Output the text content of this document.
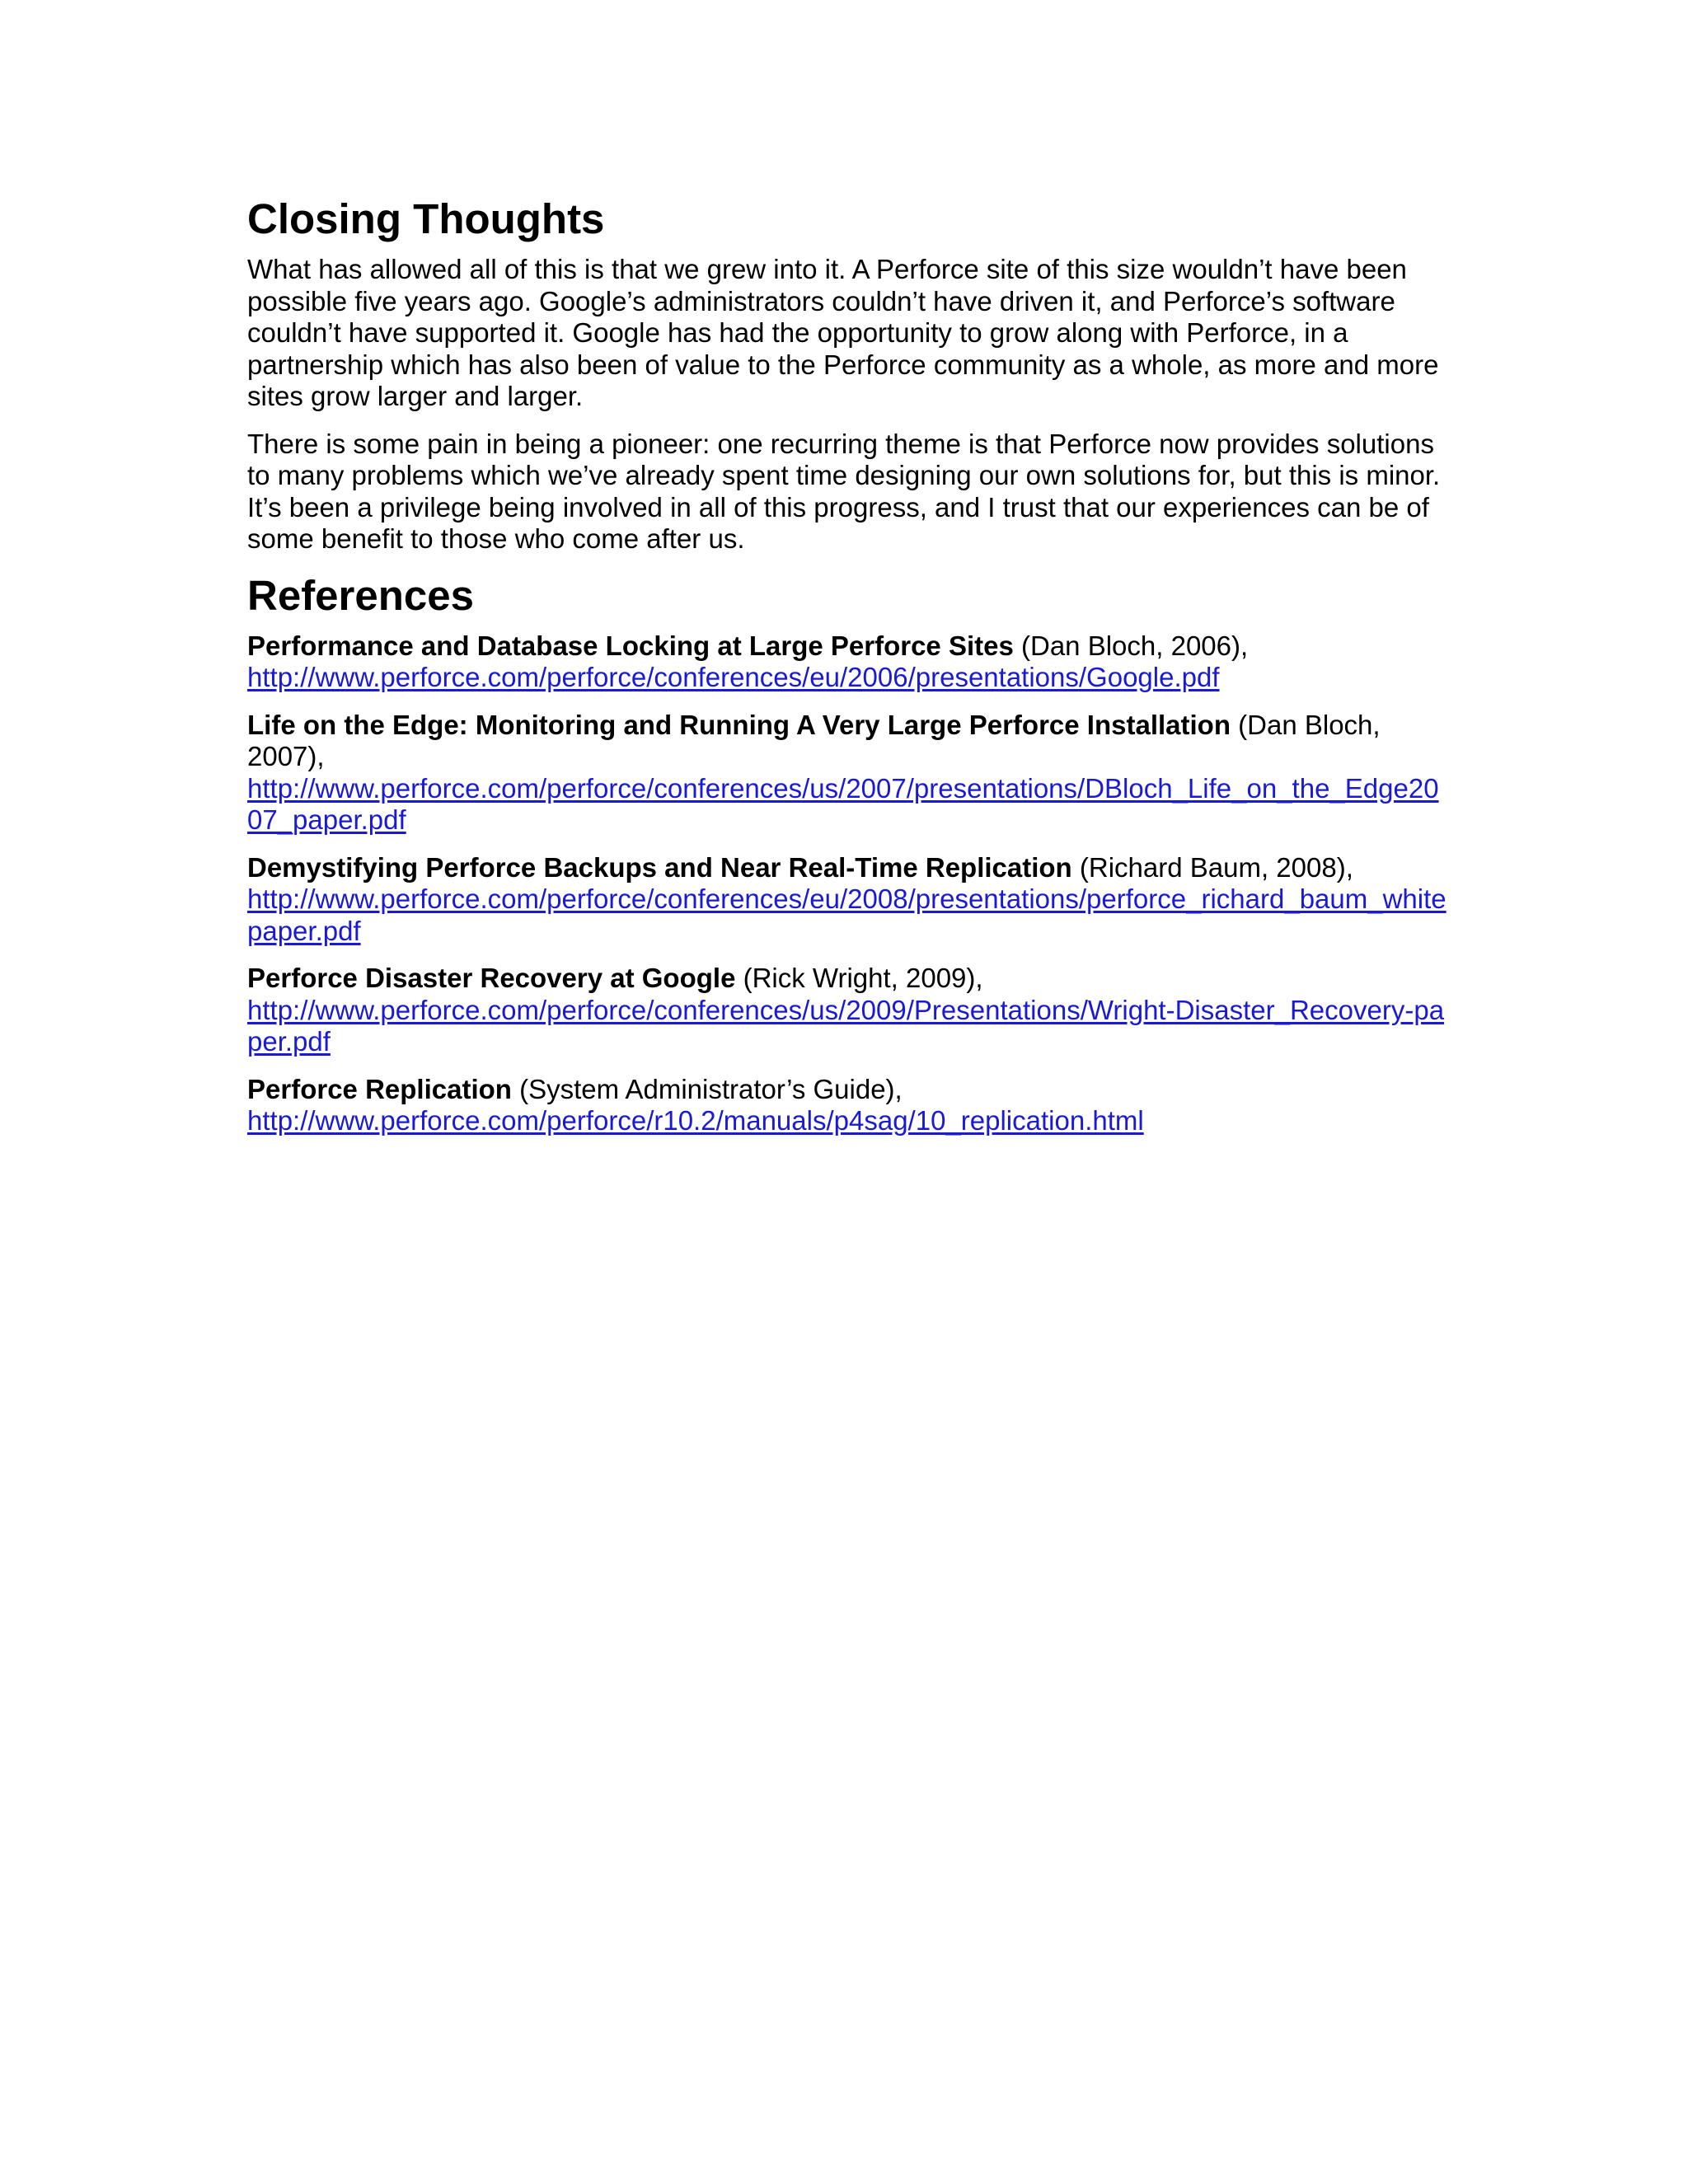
Closing Thoughts

What has allowed all of this is that we grew into it. A Perforce site of this size wouldn’t have been possible five years ago. Google’s administrators couldn’t have driven it, and Perforce’s software couldn’t have supported it. Google has had the opportunity to grow along with Perforce, in a partnership which has also been of value to the Perforce community as a whole, as more and more sites grow larger and larger.

There is some pain in being a pioneer: one recurring theme is that Perforce now provides solutions to many problems which we’ve already spent time designing our own solutions for, but this is minor. It’s been a privilege being involved in all of this progress, and I trust that our experiences can be of some benefit to those who come after us.

References
Performance and Database Locking at Large Perforce Sites (Dan Bloch, 2006),
http://www.perforce.com/perforce/conferences/eu/2006/presentations/Google.pdf
Life on the Edge: Monitoring and Running A Very Large Perforce Installation (Dan Bloch, 2007),
http://www.perforce.com/perforce/conferences/us/2007/presentations/DBloch_Life_on_the_Edge2007_paper.pdf
Demystifying Perforce Backups and Near Real-Time Replication (Richard Baum, 2008),
http://www.perforce.com/perforce/conferences/eu/2008/presentations/perforce_richard_baum_whitepaper.pdf
Perforce Disaster Recovery at Google (Rick Wright, 2009),
http://www.perforce.com/perforce/conferences/us/2009/Presentations/Wright-Disaster_Recovery-paper.pdf
Perforce Replication (System Administrator’s Guide),
http://www.perforce.com/perforce/r10.2/manuals/p4sag/10_replication.html
